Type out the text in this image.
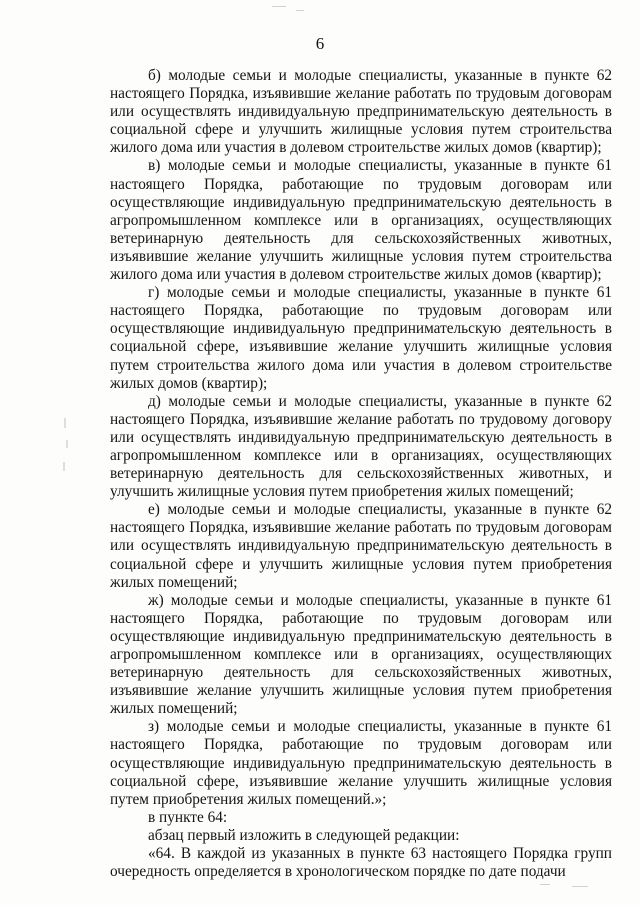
6

б) молодые семьи и молодые специалисты, указанные в пункте 62 настоящего Порядка, изъявившие желание работать по трудовым договорам или осуществлять индивидуальную предпринимательскую деятельность в социальной сфере и улучшить жилищные условия путем строительства жилого дома или участия в долевом строительстве жилых домов (квартир);

в) молодые семьи и молодые специалисты, указанные в пункте 61 настоящего Порядка, работающие по трудовым договорам или осуществляющие индивидуальную предпринимательскую деятельность в агропромышленном комплексе или в организациях, осуществляющих ветеринарную деятельность для сельскохозяйственных животных, изъявившие желание улучшить жилищные условия путем строительства жилого дома или участия в долевом строительстве жилых домов (квартир);

г) молодые семьи и молодые специалисты, указанные в пункте 61 настоящего Порядка, работающие по трудовым договорам или осуществляющие индивидуальную предпринимательскую деятельность в социальной сфере, изъявившие желание улучшить жилищные условия путем строительства жилого дома или участия в долевом строительстве жилых домов (квартир);

д) молодые семьи и молодые специалисты, указанные в пункте 62 настоящего Порядка, изъявившие желание работать по трудовому договору или осуществлять индивидуальную предпринимательскую деятельность в агропромышленном комплексе или в организациях, осуществляющих ветеринарную деятельность для сельскохозяйственных животных, и улучшить жилищные условия путем приобретения жилых помещений;

е) молодые семьи и молодые специалисты, указанные в пункте 62 настоящего Порядка, изъявившие желание работать по трудовым договорам или осуществлять индивидуальную предпринимательскую деятельность в социальной сфере и улучшить жилищные условия путем приобретения жилых помещений;

ж) молодые семьи и молодые специалисты, указанные в пункте 61 настоящего Порядка, работающие по трудовым договорам или осуществляющие индивидуальную предпринимательскую деятельность в агропромышленном комплексе или в организациях, осуществляющих ветеринарную деятельность для сельскохозяйственных животных, изъявившие желание улучшить жилищные условия путем приобретения жилых помещений;

з) молодые семьи и молодые специалисты, указанные в пункте 61 настоящего Порядка, работающие по трудовым договорам или осуществляющие индивидуальную предпринимательскую деятельность в социальной сфере, изъявившие желание улучшить жилищные условия путем приобретения жилых помещений.»;

в пункте 64:

абзац первый изложить в следующей редакции:

«64. В каждой из указанных в пункте 63 настоящего Порядка групп очередность определяется в хронологическом порядке по дате подачи
